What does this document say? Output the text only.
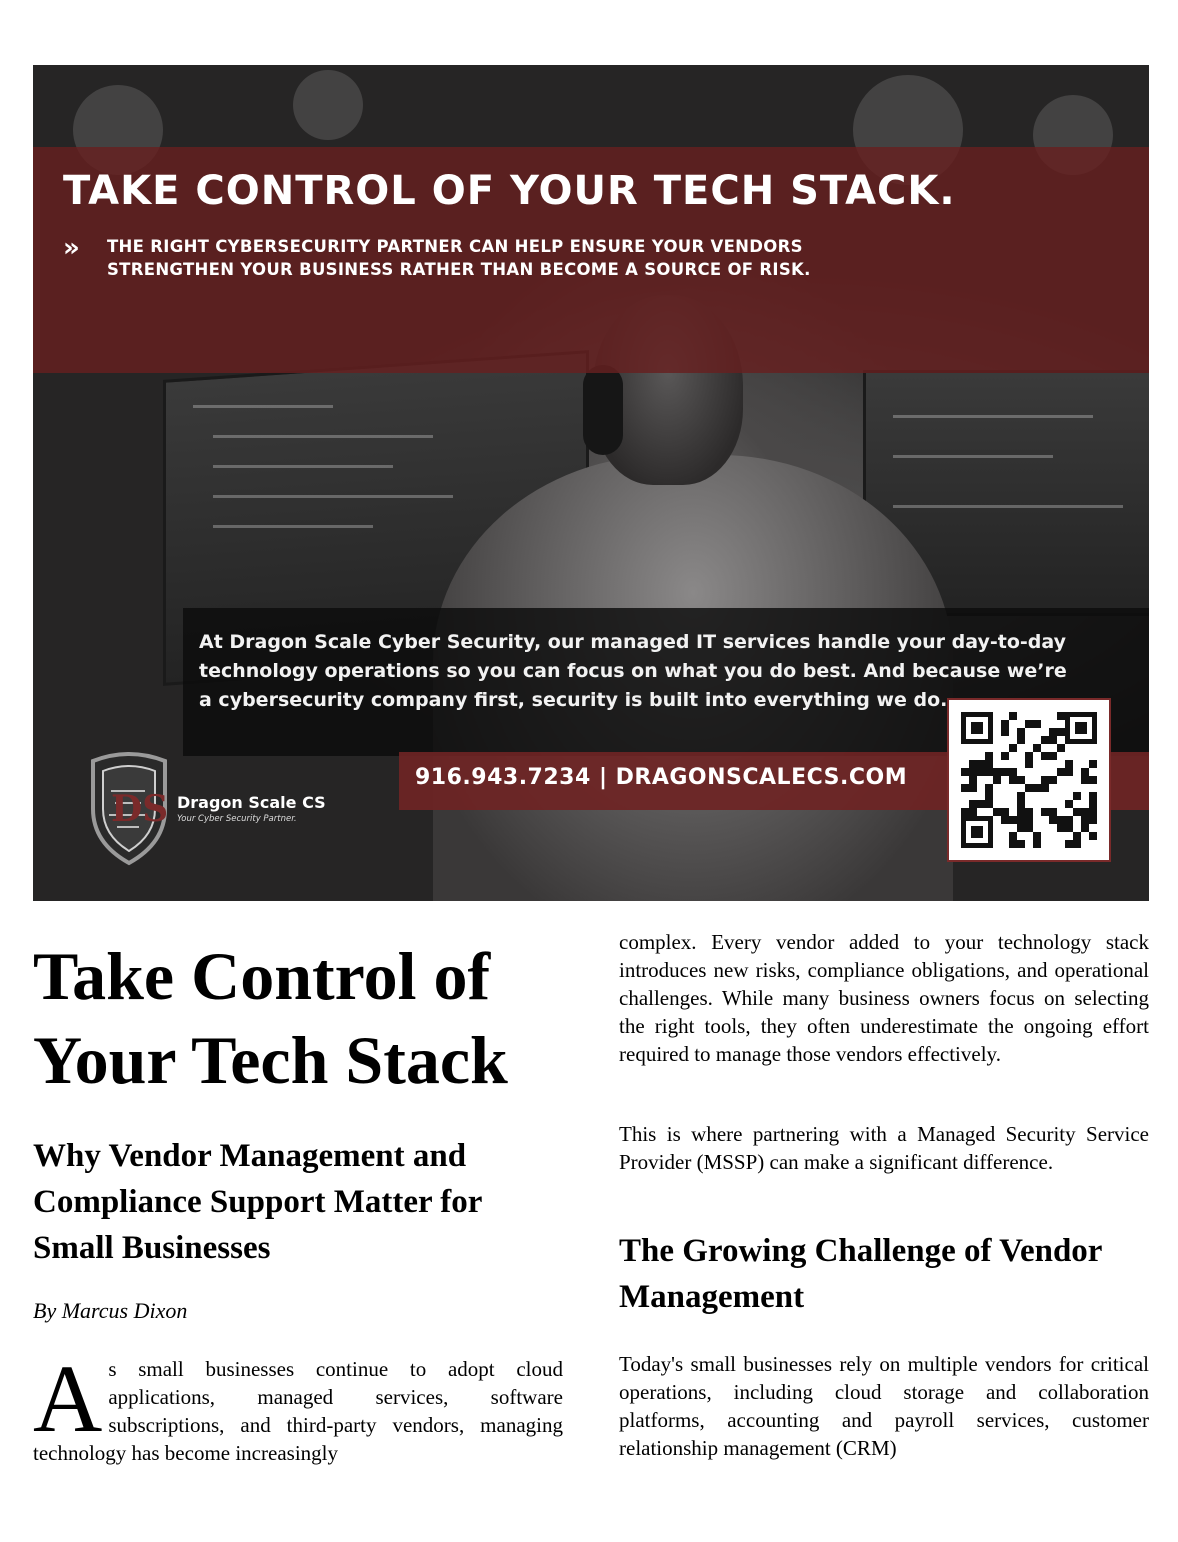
TAKE CONTROL OF YOUR TECH STACK.
» THE RIGHT CYBERSECURITY PARTNER CAN HELP ENSURE YOUR VENDORS
STRENGTHEN YOUR BUSINESS RATHER THAN BECOME A SOURCE OF RISK.
At Dragon Scale Cyber Security, our managed IT services handle your day-to-day
technology operations so you can focus on what you do best. And because we’re
a cybersecurity company first, security is built into everything we do.
916.943.7234 | DRAGONSCALECS.COM
DS Dragon Scale CS
Your Cyber Security Partner.
Take Control of Your Tech Stack
Why Vendor Management and Compliance Support Matter for Small Businesses

By Marcus Dixon

As small businesses continue to adopt cloud applications, managed services, software subscriptions, and third-party vendors, managing technology has become increasingly

complex. Every vendor added to your technology stack introduces new risks, compliance obligations, and operational challenges. While many business owners focus on selecting the right tools, they often underestimate the ongoing effort required to manage those vendors effectively.

This is where partnering with a Managed Security Service Provider (MSSP) can make a significant difference.

The Growing Challenge of Vendor Management

Today's small businesses rely on multiple vendors for critical operations, including cloud storage and collaboration platforms, accounting and payroll services, customer relationship management (CRM)
